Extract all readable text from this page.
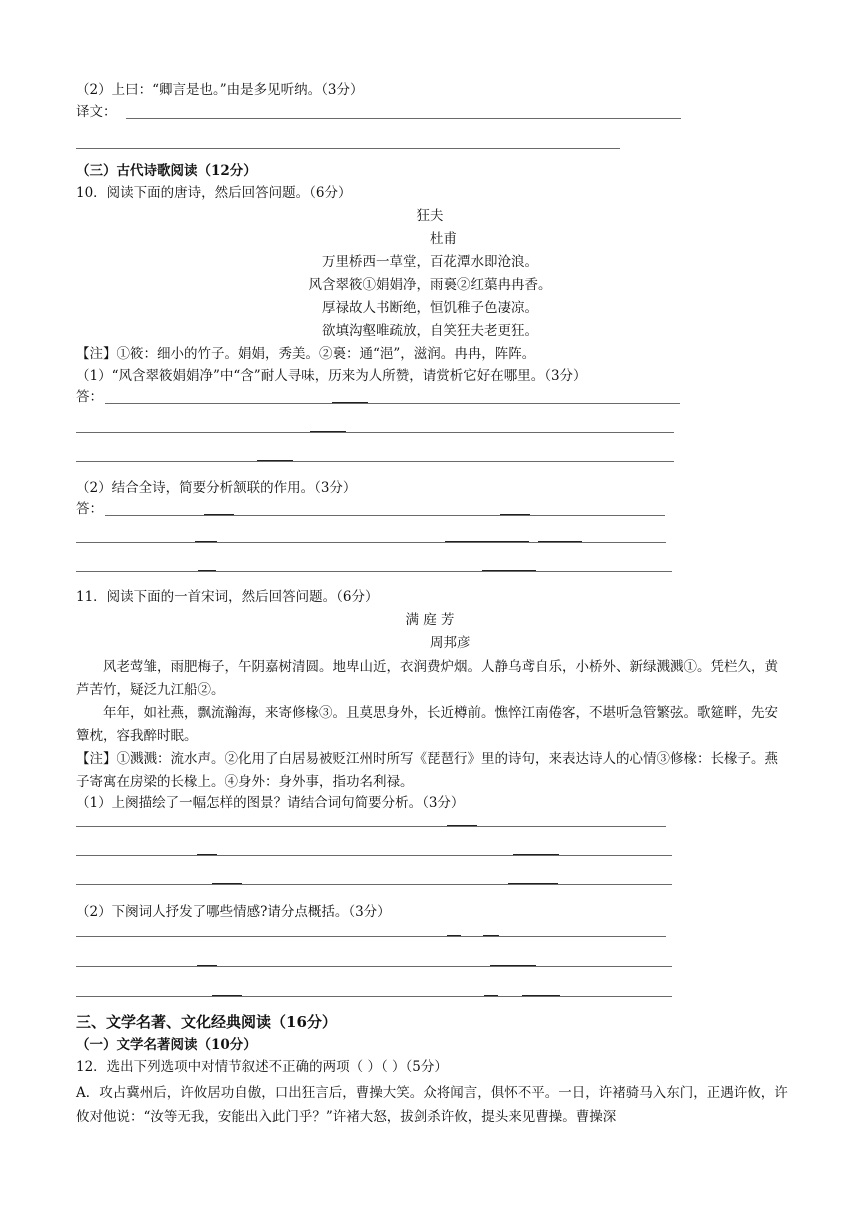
（2）上曰：“卿言是也。”由是多见听纳。（3分）
译文：
（三）古代诗歌阅读（12分）
10．阅读下面的唐诗，然后回答问题。（6分）
狂夫
杜甫
万里桥西一草堂，百花潭水即沧浪。
风含翠筱①娟娟净，雨裛②红蕖冉冉香。
厚禄故人书断绝，恒饥稚子色凄凉。
欲填沟壑唯疏放，自笑狂夫老更狂。
【注】①筱：细小的竹子。娟娟，秀美。②裛：通“浥”，滋润。冉冉，阵阵。
（1）“风含翠筱娟娟净”中“含”耐人寻味，历来为人所赞，请赏析它好在哪里。（3分）
答：
（2）结合全诗，简要分析颔联的作用。（3分）
答：
11．阅读下面的一首宋词，然后回答问题。（6分）
满 庭 芳
周邦彦
风老莺雏，雨肥梅子，午阴嘉树清圆。地卑山近，衣润费炉烟。人静乌鸢自乐，小桥外、新绿溅溅①。凭栏久，黄芦苦竹，疑泛九江船②。
年年，如社燕，飘流瀚海，来寄修椽③。且莫思身外，长近樽前。憔悴江南倦客，不堪听急管繁弦。歌筵畔，先安簟枕，容我醉时眠。
【注】①溅溅：流水声。②化用了白居易被贬江州时所写《琵琶行》里的诗句，来表达诗人的心情③修椽：长椽子。燕子寄寓在房梁的长椽上。④身外：身外事，指功名利禄。
（1）上阕描绘了一幅怎样的图景？请结合词句简要分析。（3分）
（2）下阕词人抒发了哪些情感?请分点概括。（3分）
三、文学名著、文化经典阅读（16分）
（一）文学名著阅读（10分）
12．选出下列选项中对情节叙述不正确的两项（ ）（ ）（5分）
A．攻占冀州后，许攸居功自傲，口出狂言后，曹操大笑。众将闻言，俱怀不平。一日，许褚骑马入东门，正遇许攸，许攸对他说：“汝等无我，安能出入此门乎？”许褚大怒，拔剑杀许攸，提头来见曹操。曹操深
